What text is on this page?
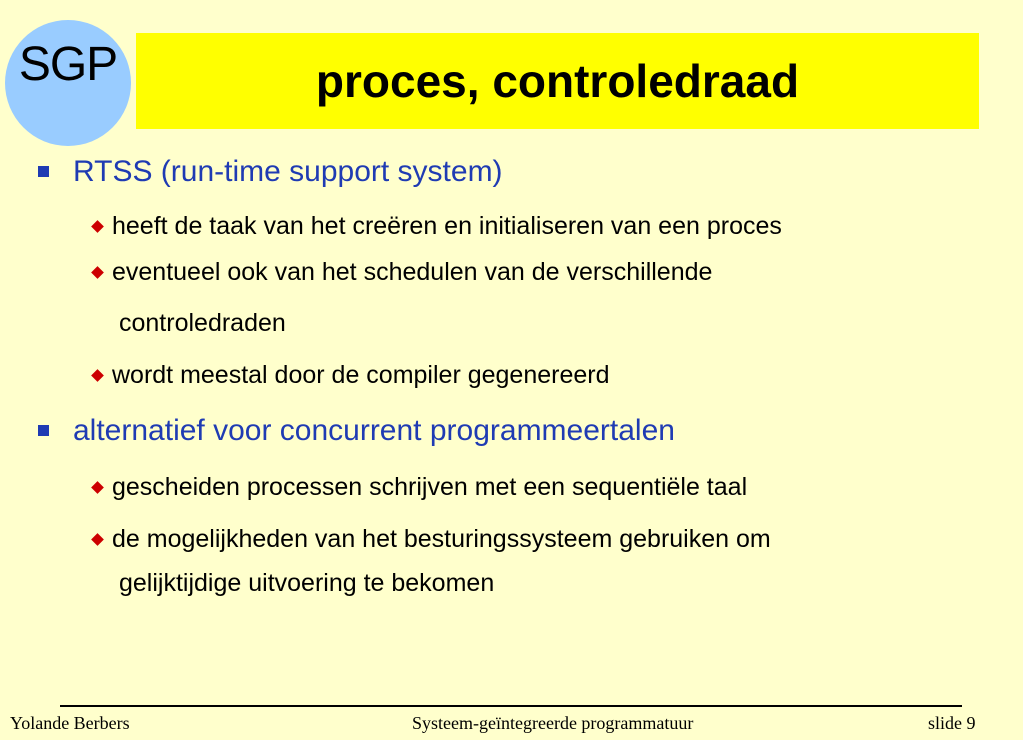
SGP	proces, controledraad
RTSS (run-time support system)
heeft de taak van het creëren en initialiseren van een proces
eventueel ook van het schedulen van de verschillende
controledraden
wordt meestal door de compiler gegenereerd
alternatief voor concurrent programmeertalen
gescheiden processen schrijven met een sequentiële taal
de mogelijkheden van het besturingssysteem gebruiken om
gelijktijdige uitvoering te bekomen
Yolande Berbers	Systeem-geïntegreerde programmatuur	slide 9
